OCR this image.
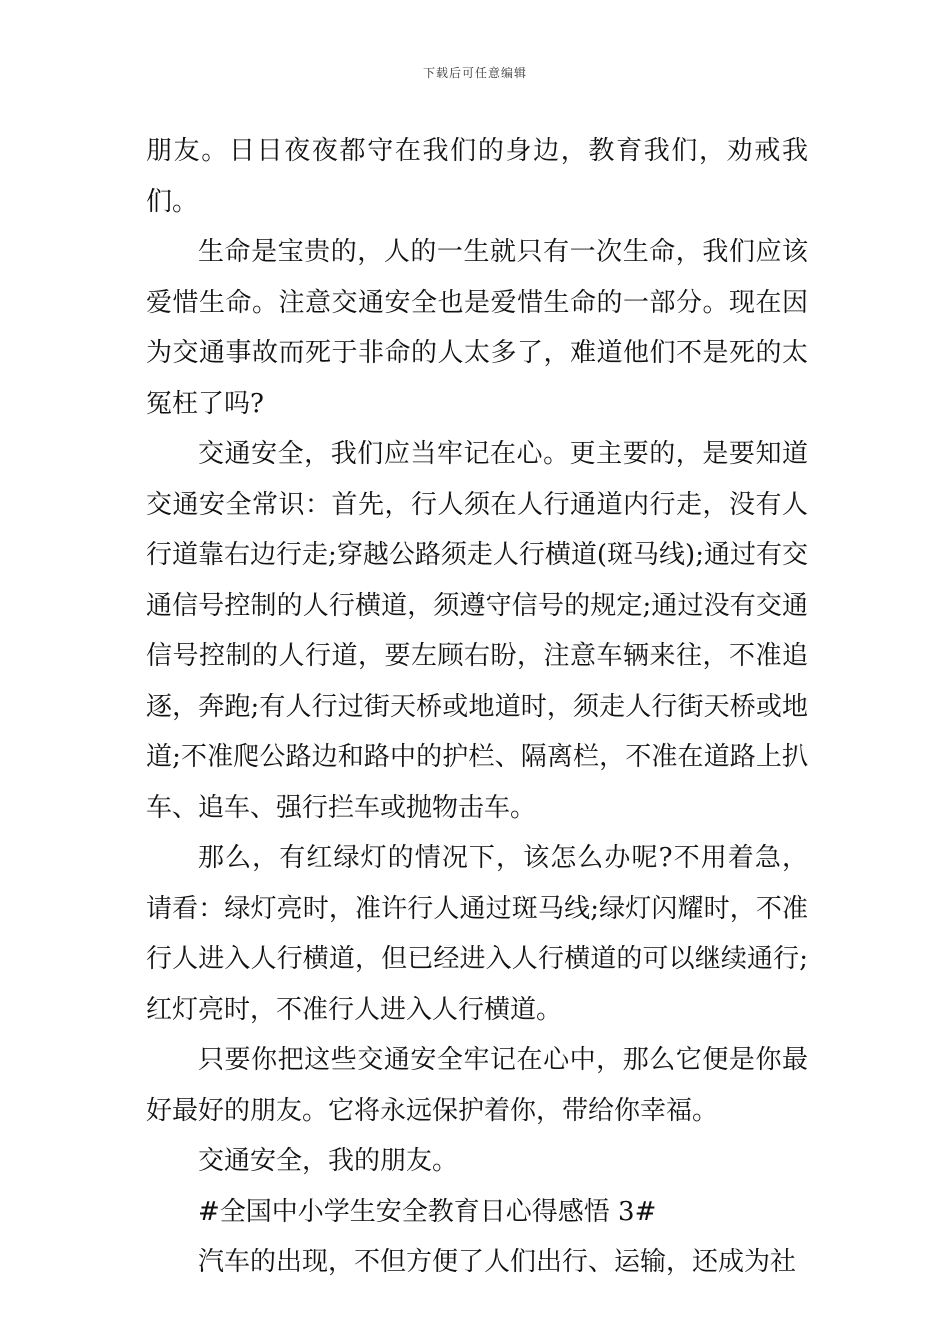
下载后可任意编辑

朋友。日日夜夜都守在我们的身边，教育我们，劝戒我们。

生命是宝贵的，人的一生就只有一次生命，我们应该爱惜生命。注意交通安全也是爱惜生命的一部分。现在因为交通事故而死于非命的人太多了，难道他们不是死的太冤枉了吗?

交通安全，我们应当牢记在心。更主要的，是要知道交通安全常识：首先，行人须在人行通道内行走，没有人行道靠右边行走;穿越公路须走人行横道(斑马线);通过有交通信号控制的人行横道，须遵守信号的规定;通过没有交通信号控制的人行道，要左顾右盼，注意车辆来往，不准追逐，奔跑;有人行过街天桥或地道时，须走人行街天桥或地道;不准爬公路边和路中的护栏、隔离栏，不准在道路上扒车、追车、强行拦车或抛物击车。

那么，有红绿灯的情况下，该怎么办呢?不用着急，请看：绿灯亮时，准许行人通过斑马线;绿灯闪耀时，不准行人进入人行横道，但已经进入人行横道的可以继续通行;红灯亮时，不准行人进入人行横道。

只要你把这些交通安全牢记在心中，那么它便是你最好最好的朋友。它将永远保护着你，带给你幸福。

交通安全，我的朋友。

#全国中小学生安全教育日心得感悟 3#

汽车的出现，不但方便了人们出行、运输，还成为社
